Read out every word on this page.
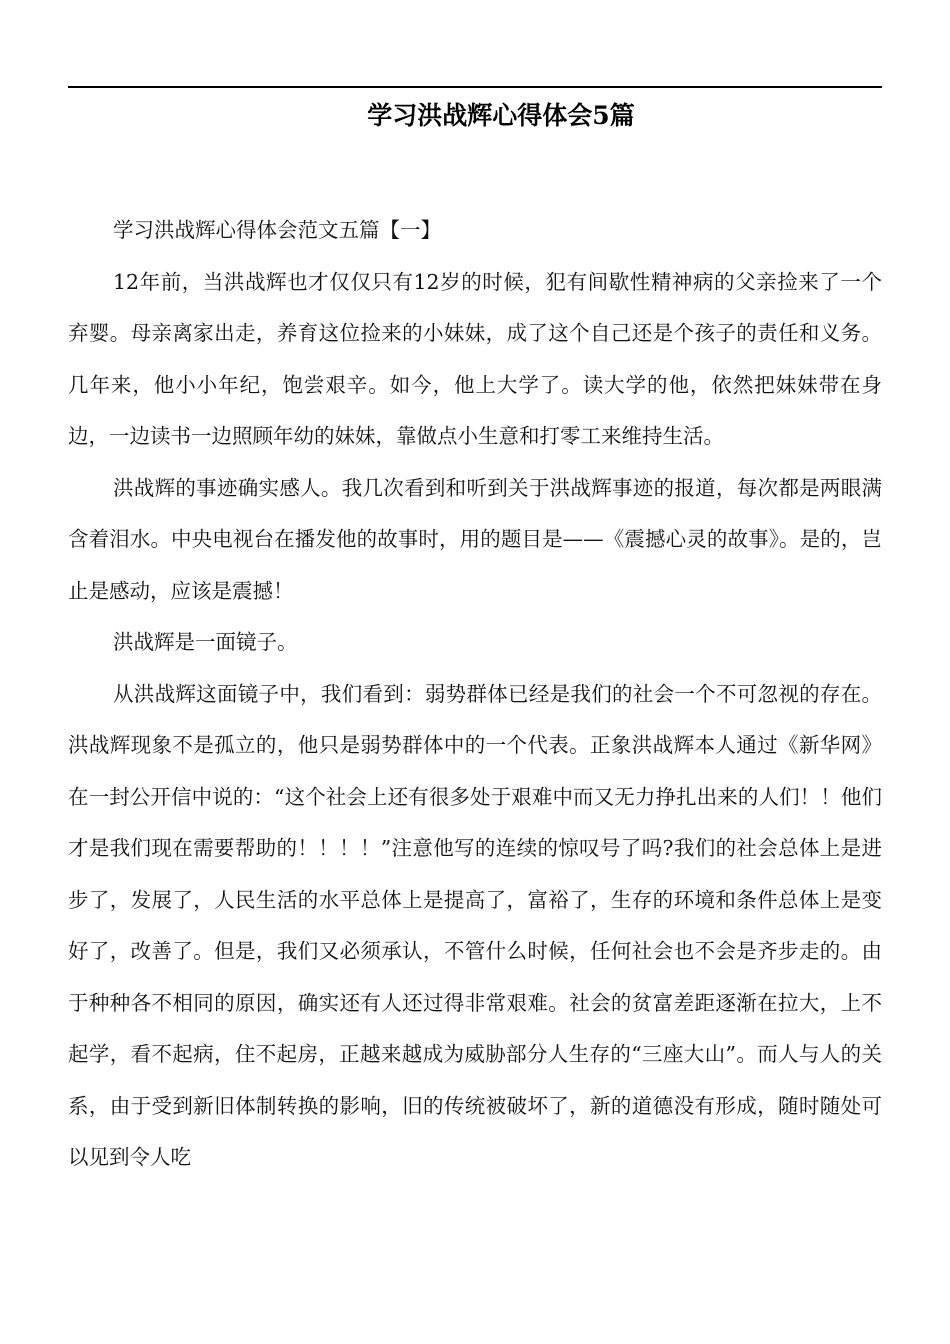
学习洪战辉心得体会5篇

学习洪战辉心得体会范文五篇【一】

12年前，当洪战辉也才仅仅只有12岁的时候，犯有间歇性精神病的父亲捡来了一个弃婴。母亲离家出走，养育这位捡来的小妹妹，成了这个自己还是个孩子的责任和义务。几年来，他小小年纪，饱尝艰辛。如今，他上大学了。读大学的他，依然把妹妹带在身边，一边读书一边照顾年幼的妹妹，靠做点小生意和打零工来维持生活。

洪战辉的事迹确实感人。我几次看到和听到关于洪战辉事迹的报道，每次都是两眼满含着泪水。中央电视台在播发他的故事时，用的题目是——《震撼心灵的故事》。是的，岂止是感动，应该是震撼！

洪战辉是一面镜子。

从洪战辉这面镜子中，我们看到：弱势群体已经是我们的社会一个不可忽视的存在。洪战辉现象不是孤立的，他只是弱势群体中的一个代表。正象洪战辉本人通过《新华网》在一封公开信中说的：“这个社会上还有很多处于艰难中而又无力挣扎出来的人们！！他们才是我们现在需要帮助的！！！！”注意他写的连续的惊叹号了吗?我们的社会总体上是进步了，发展了，人民生活的水平总体上是提高了，富裕了，生存的环境和条件总体上是变好了，改善了。但是，我们又必须承认，不管什么时候，任何社会也不会是齐步走的。由于种种各不相同的原因，确实还有人还过得非常艰难。社会的贫富差距逐渐在拉大，上不起学，看不起病，住不起房，正越来越成为威胁部分人生存的“三座大山”。而人与人的关系，由于受到新旧体制转换的影响，旧的传统被破坏了，新的道德没有形成，随时随处可以见到令人吃
